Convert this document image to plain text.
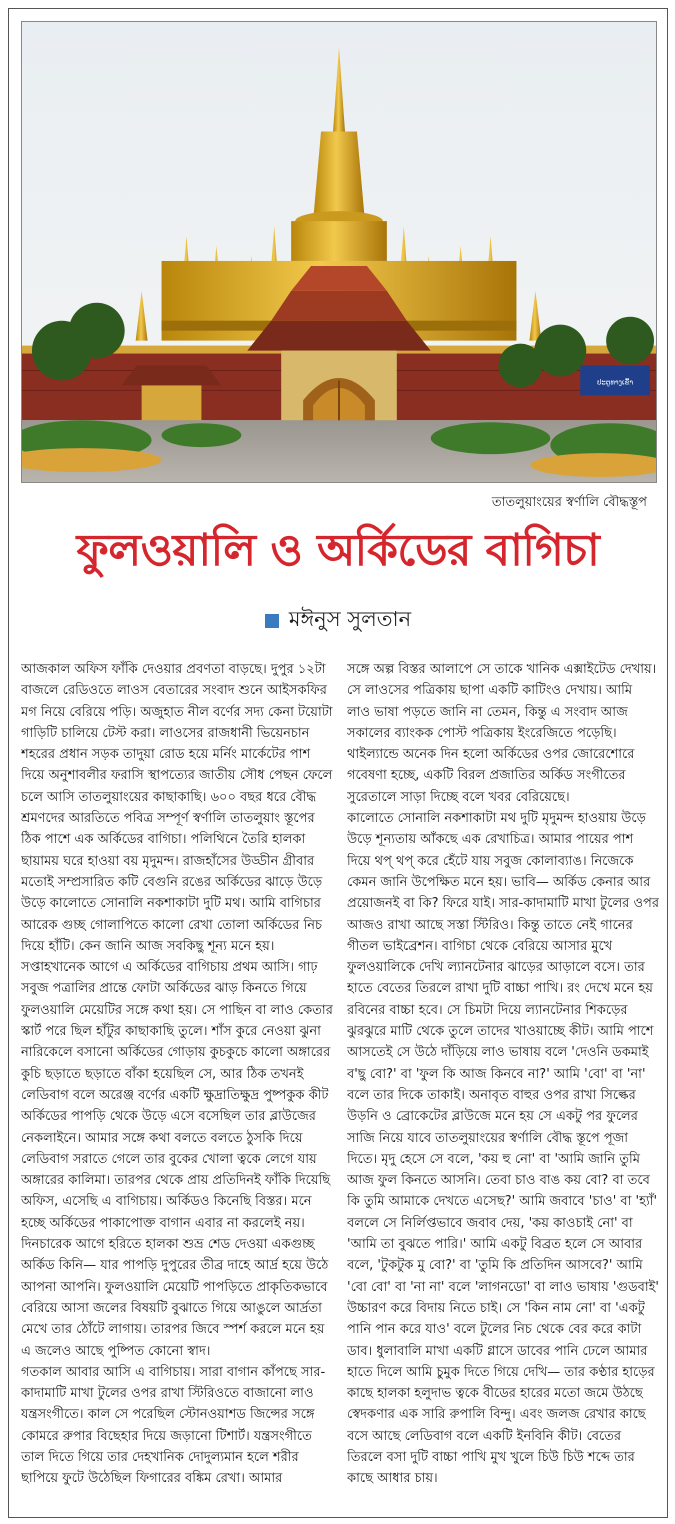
ປະຕູທາງເຂົ້າ
তাতলুয়াংয়ের স্বর্ণালি বৌদ্ধস্তূপ
ফুলওয়ালি ও অর্কিডের বাগিচা
মঈনুস সুলতান

আজকাল অফিস ফাঁকি দেওয়ার প্রবণতা বাড়ছে। দুপুর ১২টা বাজলে রেডিওতে লাওস বেতারের সংবাদ শুনে আইসকফির মগ নিয়ে বেরিয়ে পড়ি। অজুহাত নীল বর্ণের সদ্য কেনা টয়োটা গাড়িটি চালিয়ে টেস্ট করা। লাওসের রাজধানী ভিয়েনচান শহরের প্রধান সড়ক তাদুয়া রোড হয়ে মর্নিং মার্কেটের পাশ দিয়ে অনুশাবলীর ফরাসি স্থাপত্যের জাতীয় সৌধ পেছন ফেলে চলে আসি তাতলুয়াংয়ের কাছাকাছি। ৬০০ বছর ধরে বৌদ্ধ শ্রমণদের আরতিতে পবিত্র সম্পূর্ণ স্বর্ণালি তাতলুয়াং স্তূপের ঠিক পাশে এক অর্কিডের বাগিচা। পলিথিনে তৈরি হালকা ছায়াময় ঘরে হাওয়া বয় মৃদুমন্দ। রাজহাঁসের উড্ডীন গ্রীবার মতোই সম্প্রসারিত কটি বেগুনি রঙের অর্কিডের ঝাড়ে উড়ে উড়ে কালোতে সোনালি নকশাকাটা দুটি মথ। আমি বাগিচার আরেক গুচ্ছ গোলাপিতে কালো রেখা তোলা অর্কিডের নিচ দিয়ে হাঁটি। কেন জানি আজ সবকিছু শূন্য মনে হয়। সপ্তাহখানেক আগে এ অর্কিডের বাগিচায় প্রথম আসি। গাঢ় সবুজ পত্রালির প্রান্তে ফোটা অর্কিডের ঝাড় কিনতে গিয়ে ফুলওয়ালি মেয়েটির সঙ্গে কথা হয়। সে পাছিন বা লাও কেতার স্কার্ট পরে ছিল হাঁটুর কাছাকাছি তুলে। শাঁস কুরে নেওয়া ঝুনা নারিকেলে বসানো অর্কিডের গোড়ায় কুচকুচে কালো অঙ্গারের কুচি ছড়াতে ছড়াতে বাঁকা হয়েছিল সে, আর ঠিক তখনই লেডিবাগ বলে অরেঞ্জ বর্ণের একটি ক্ষুদ্রাতিক্ষুদ্র পুষ্পকুক কীট অর্কিডের পাপড়ি থেকে উড়ে এসে বসেছিল তার ব্লাউজের নেকলাইনে। আমার সঙ্গে কথা বলতে বলতে ঠুসকি দিয়ে লেডিবাগ সরাতে গেলে তার বুকের খোলা ত্বকে লেগে যায় অঙ্গারের কালিমা। তারপর থেকে প্রায় প্রতিদিনই ফাঁকি দিয়েছি অফিস, এসেছি এ বাগিচায়। অর্কিডও কিনেছি বিস্তর। মনে হচ্ছে অর্কিডের পাকাপোক্ত বাগান এবার না করলেই নয়। দিনচারেক আগে হরিতে হালকা শুভ্র শেড দেওয়া একগুচ্ছ অর্কিড কিনি— যার পাপড়ি দুপুরের তীব্র দাহে আর্দ্র হয়ে উঠে আপনা আপনি। ফুলওয়ালি মেয়েটি পাপড়িতে প্রাকৃতিকভাবে বেরিয়ে আসা জলের বিষয়টি বুঝাতে গিয়ে আঙুলে আর্দ্রতা মেখে তার ঠোঁটে লাগায়। তারপর জিবে স্পর্শ করলে মনে হয় এ জলেও আছে পুষ্পিত কোনো স্বাদ।

গতকাল আবার আসি এ বাগিচায়। সারা বাগান কাঁপছে সার-কাদামাটি মাখা টুলের ওপর রাখা স্টিরিওতে বাজানো লাও যন্ত্রসংগীতে। কাল সে পরেছিল স্টোনওয়াশড জিন্সের সঙ্গে কোমরে রুপার বিছেহার দিয়ে জড়ানো টিশার্ট। যন্ত্রসংগীতে তাল দিতে গিয়ে তার দেহখানিক দোদুল্যমান হলে শরীর ছাপিয়ে ফুটে উঠেছিল ফিগারের বঙ্কিম রেখা। আমার

সঙ্গে অল্প বিস্তর আলাপে সে তাকে খানিক এক্সাইটেড দেখায়। সে লাওসের পত্রিকায় ছাপা একটি কাটিংও দেখায়। আমি লাও ভাষা পড়তে জানি না তেমন, কিন্তু এ সংবাদ আজ সকালের ব্যাংকক পোস্ট পত্রিকায় ইংরেজিতে পড়েছি। থাইল্যান্ডে অনেক দিন হলো অর্কিডের ওপর জোরেশোরে গবেষণা হচ্ছে, একটি বিরল প্রজাতির অর্কিড সংগীতের সুরেতালে সাড়া দিচ্ছে বলে খবর বেরিয়েছে।

কালোতে সোনালি নকশাকাটা মথ দুটি মৃদুমন্দ হাওয়ায় উড়ে উড়ে শূন্যতায় আঁকছে এক রেখাচিত্র। আমার পায়ের পাশ দিয়ে থপ্ থপ্ করে হেঁটে যায় সবুজ কোলাব্যাঙ। নিজেকে কেমন জানি উপেক্ষিত মনে হয়। ভাবি— অর্কিড কেনার আর প্রয়োজনই বা কি? ফিরে যাই। সার-কাদামাটি মাখা টুলের ওপর আজও রাখা আছে সস্তা স্টিরিও। কিন্তু তাতে নেই গানের গীতল ভাইব্রেশন। বাগিচা থেকে বেরিয়ে আসার মুখে ফুলওয়ালিকে দেখি ল্যানটেনার ঝাড়ের আড়ালে বসে। তার হাতে বেতের তিরলে রাখা দুটি বাচ্চা পাখি। রং দেখে মনে হয় রবিনের বাচ্চা হবে। সে চিমটা দিয়ে ল্যানটেনার শিকড়ের ঝুরঝুরে মাটি থেকে তুলে তাদের খাওয়াচ্ছে কীট। আমি পাশে আসতেই সে উঠে দাঁড়িয়ে লাও ভাষায় বলে 'দেওনি ডকমাই ব'ছু বো?' বা 'ফুল কি আজ কিনবে না?' আমি 'বো' বা 'না' বলে তার দিকে তাকাই। অনাবৃত বাহুর ওপর রাখা সিল্কের উড়নি ও ব্রোকেটের ব্লাউজে মনে হয় সে একটু পর ফুলের সাজি নিয়ে যাবে তাতলুয়াংয়ের স্বর্ণালি বৌদ্ধ স্তূপে পূজা দিতে। মৃদু হেসে সে বলে, 'কয় হু নো' বা 'আমি জানি তুমি আজ ফুল কিনতে আসনি। তেবা চাও বাঙ কয় বো? বা তবে কি তুমি আমাকে দেখতে এসেছ?' আমি জবাবে 'চাও' বা 'হ্যাঁ' বললে সে নির্লিপ্তভাবে জবাব দেয়, 'কয় কাওচাই নো' বা 'আমি তা বুঝতে পারি।' আমি একটু বিব্রত হলে সে আবার বলে, 'টুকটুক মু বো?' বা 'তুমি কি প্রতিদিন আসবে?' আমি 'বো বো' বা 'না না' বলে 'লাগনডো' বা লাও ভাষায় 'গুডবাই' উচ্চারণ করে বিদায় নিতে চাই। সে 'কিন নাম নো' বা 'একটু পানি পান করে যাও' বলে টুলের নিচ থেকে বের করে কাটা ডাব। ধুলাবালি মাখা একটি গ্লাসে ডাবের পানি ঢেলে আমার হাতে দিলে আমি চুমুক দিতে গিয়ে দেখি— তার কণ্ঠার হাড়ের কাছে হালকা হলুদাভ ত্বকে বীডের হারের মতো জমে উঠছে স্বেদকণার এক সারি রুপালি বিন্দু। এবং জলজ রেখার কাছে বসে আছে লেডিবাগ বলে একটি ইনবিনি কীট। বেতের তিরলে বসা দুটি বাচ্চা পাখি মুখ খুলে চিউ চিউ শব্দে তার কাছে আধার চায়।
